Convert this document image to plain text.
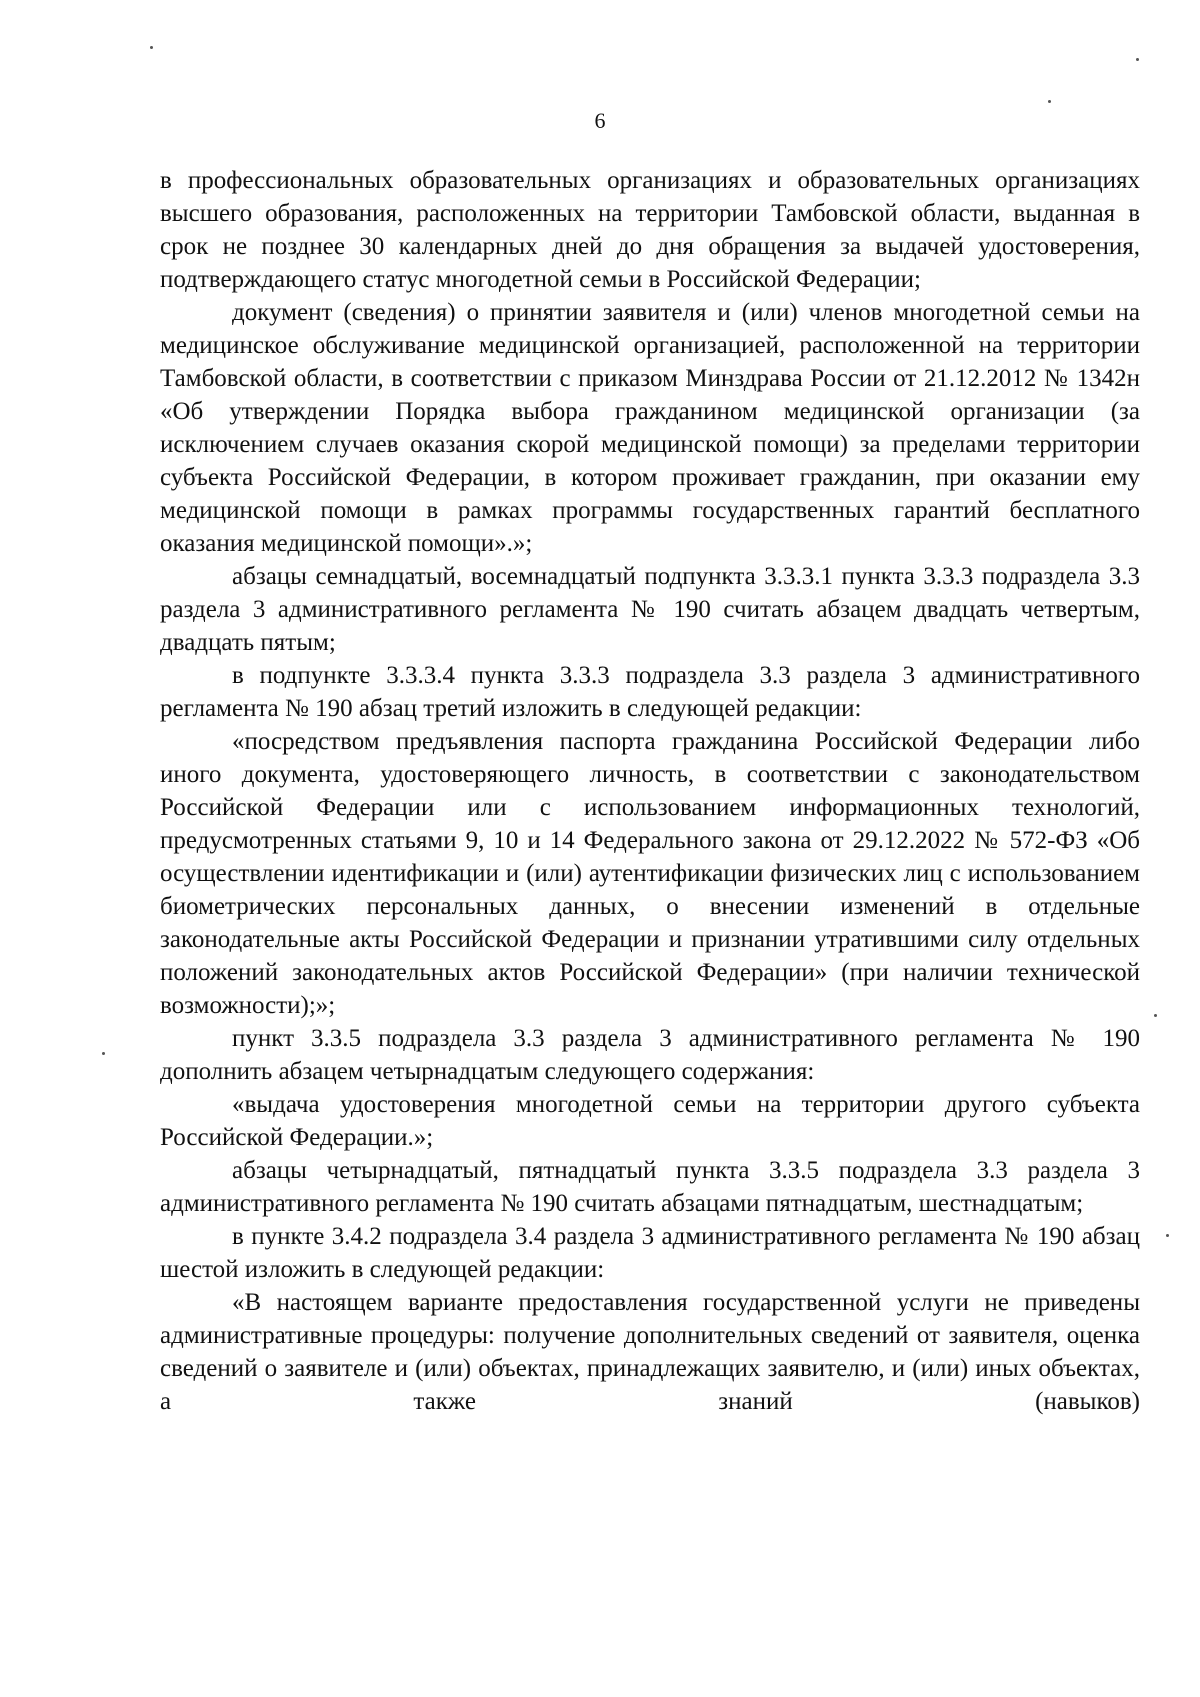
6

в профессиональных образовательных организациях и образовательных организациях высшего образования, расположенных на территории Тамбовской области, выданная в срок не позднее 30 календарных дней до дня обращения за выдачей удостоверения, подтверждающего статус многодетной семьи в Российской Федерации;

документ (сведения) о принятии заявителя и (или) членов многодетной семьи на медицинское обслуживание медицинской организацией, расположенной на территории Тамбовской области, в соответствии с приказом Минздрава России от 21.12.2012 № 1342н «Об утверждении Порядка выбора гражданином медицинской организации (за исключением случаев оказания скорой медицинской помощи) за пределами территории субъекта Российской Федерации, в котором проживает гражданин, при оказании ему медицинской помощи в рамках программы государственных гарантий бесплатного оказания медицинской помощи».»;

абзацы семнадцатый, восемнадцатый подпункта 3.3.3.1 пункта 3.3.3 подраздела 3.3 раздела 3 административного регламента № 190 считать абзацем двадцать четвертым, двадцать пятым;

в подпункте 3.3.3.4 пункта 3.3.3 подраздела 3.3 раздела 3 административного регламента № 190 абзац третий изложить в следующей редакции:

«посредством предъявления паспорта гражданина Российской Федерации либо иного документа, удостоверяющего личность, в соответствии с законодательством Российской Федерации или с использованием информационных технологий, предусмотренных статьями 9, 10 и 14 Федерального закона от 29.12.2022 № 572-ФЗ «Об осуществлении идентификации и (или) аутентификации физических лиц с использованием биометрических персональных данных, о внесении изменений в отдельные законодательные акты Российской Федерации и признании утратившими силу отдельных положений законодательных актов Российской Федерации» (при наличии технической возможности);»;

пункт 3.3.5 подраздела 3.3 раздела 3 административного регламента № 190 дополнить абзацем четырнадцатым следующего содержания:

«выдача удостоверения многодетной семьи на территории другого субъекта Российской Федерации.»;

абзацы четырнадцатый, пятнадцатый пункта 3.3.5 подраздела 3.3 раздела 3 административного регламента № 190 считать абзацами пятнадцатым, шестнадцатым;

в пункте 3.4.2 подраздела 3.4 раздела 3 административного регламента № 190 абзац шестой изложить в следующей редакции:

«В настоящем варианте предоставления государственной услуги не приведены административные процедуры: получение дополнительных сведений от заявителя, оценка сведений о заявителе и (или) объектах, принадлежащих заявителю, и (или) иных объектах, а также знаний (навыков)
